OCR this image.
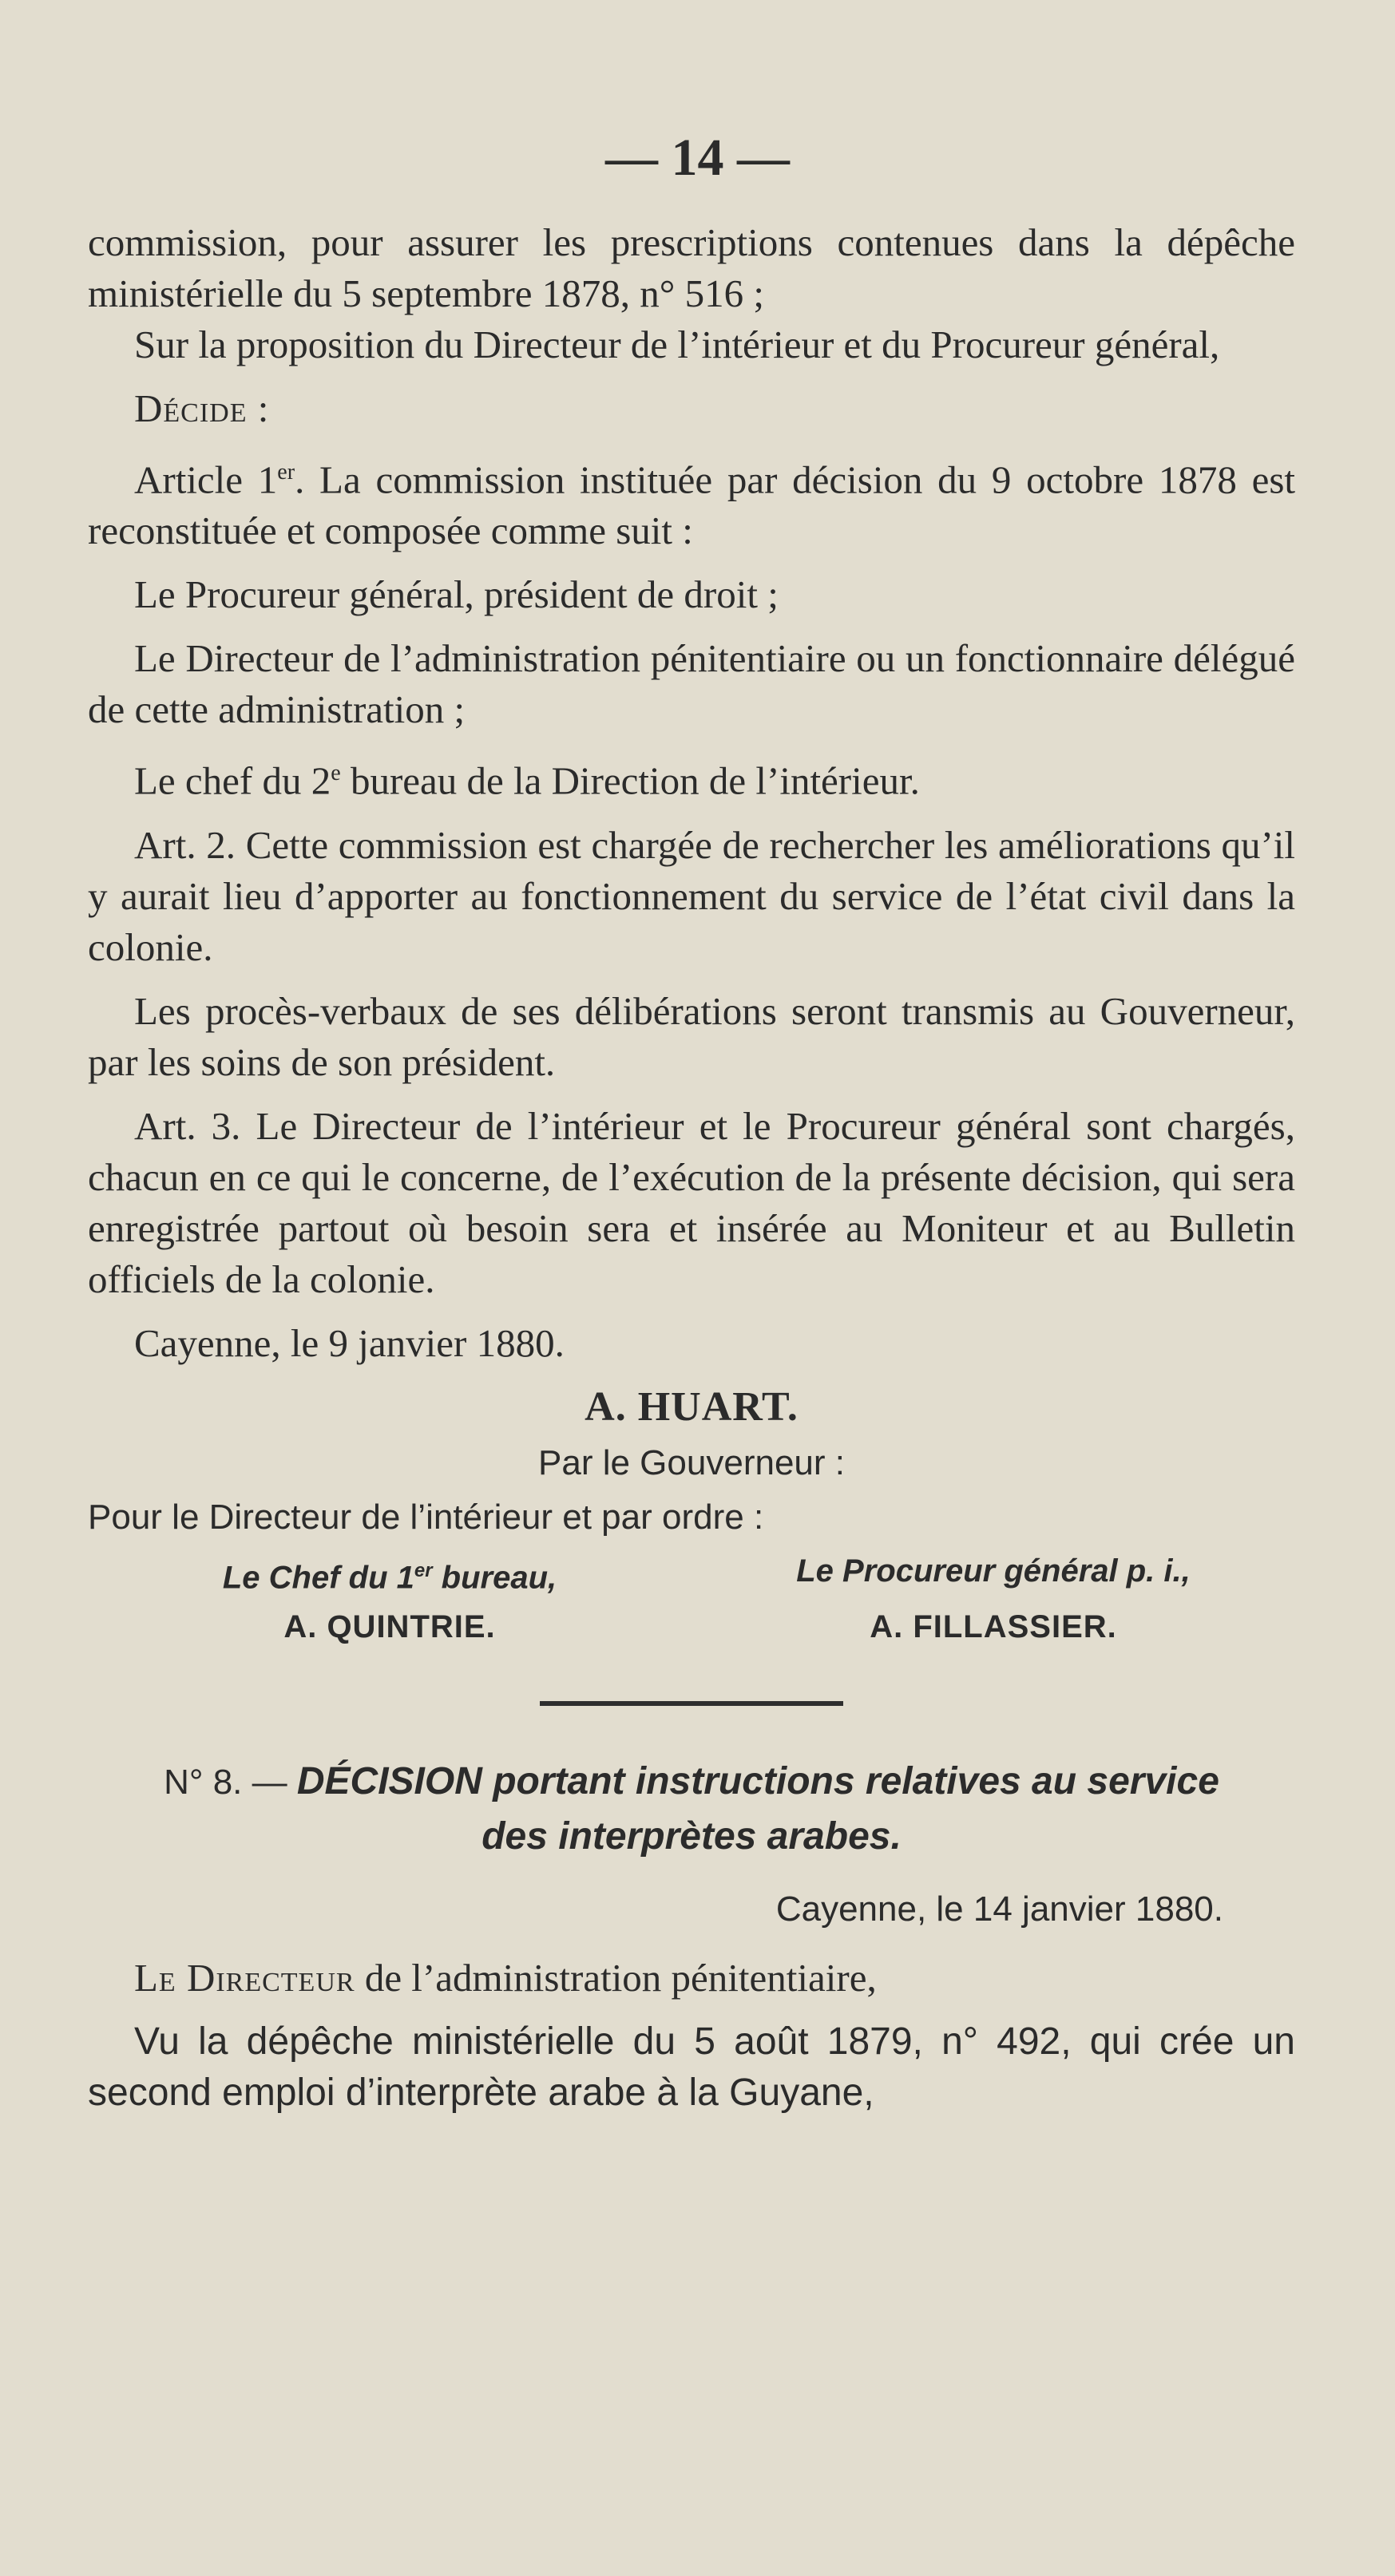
— 14 —

commission, pour assurer les prescriptions contenues dans la dépêche ministérielle du 5 septembre 1878, n° 516 ;

Sur la proposition du Directeur de l’intérieur et du Procureur général,

Décide :

Article 1er. La commission instituée par décision du 9 octobre 1878 est reconstituée et composée comme suit :

Le Procureur général, président de droit ;

Le Directeur de l’administration pénitentiaire ou un fonctionnaire délégué de cette administration ;

Le chef du 2e bureau de la Direction de l’intérieur.

Art. 2. Cette commission est chargée de rechercher les améliorations qu’il y aurait lieu d’apporter au fonctionnement du service de l’état civil dans la colonie.

Les procès-verbaux de ses délibérations seront transmis au Gouverneur, par les soins de son président.

Art. 3. Le Directeur de l’intérieur et le Procureur général sont chargés, chacun en ce qui le concerne, de l’exécution de la présente décision, qui sera enregistrée partout où besoin sera et insérée au Moniteur et au Bulletin officiels de la colonie.

Cayenne, le 9 janvier 1880.

A. HUART.

Par le Gouverneur :

Pour le Directeur de l’intérieur et par ordre :

Le Chef du 1er bureau,	Le Procureur général p. i.,
A. QUINTRIE.	A. FILLASSIER.

N° 8. — DÉCISION portant instructions relatives au service des interprètes arabes.

Cayenne, le 14 janvier 1880.

Le Directeur de l’administration pénitentiaire,

Vu la dépêche ministérielle du 5 août 1879, n° 492, qui crée un second emploi d’interprète arabe à la Guyane,
